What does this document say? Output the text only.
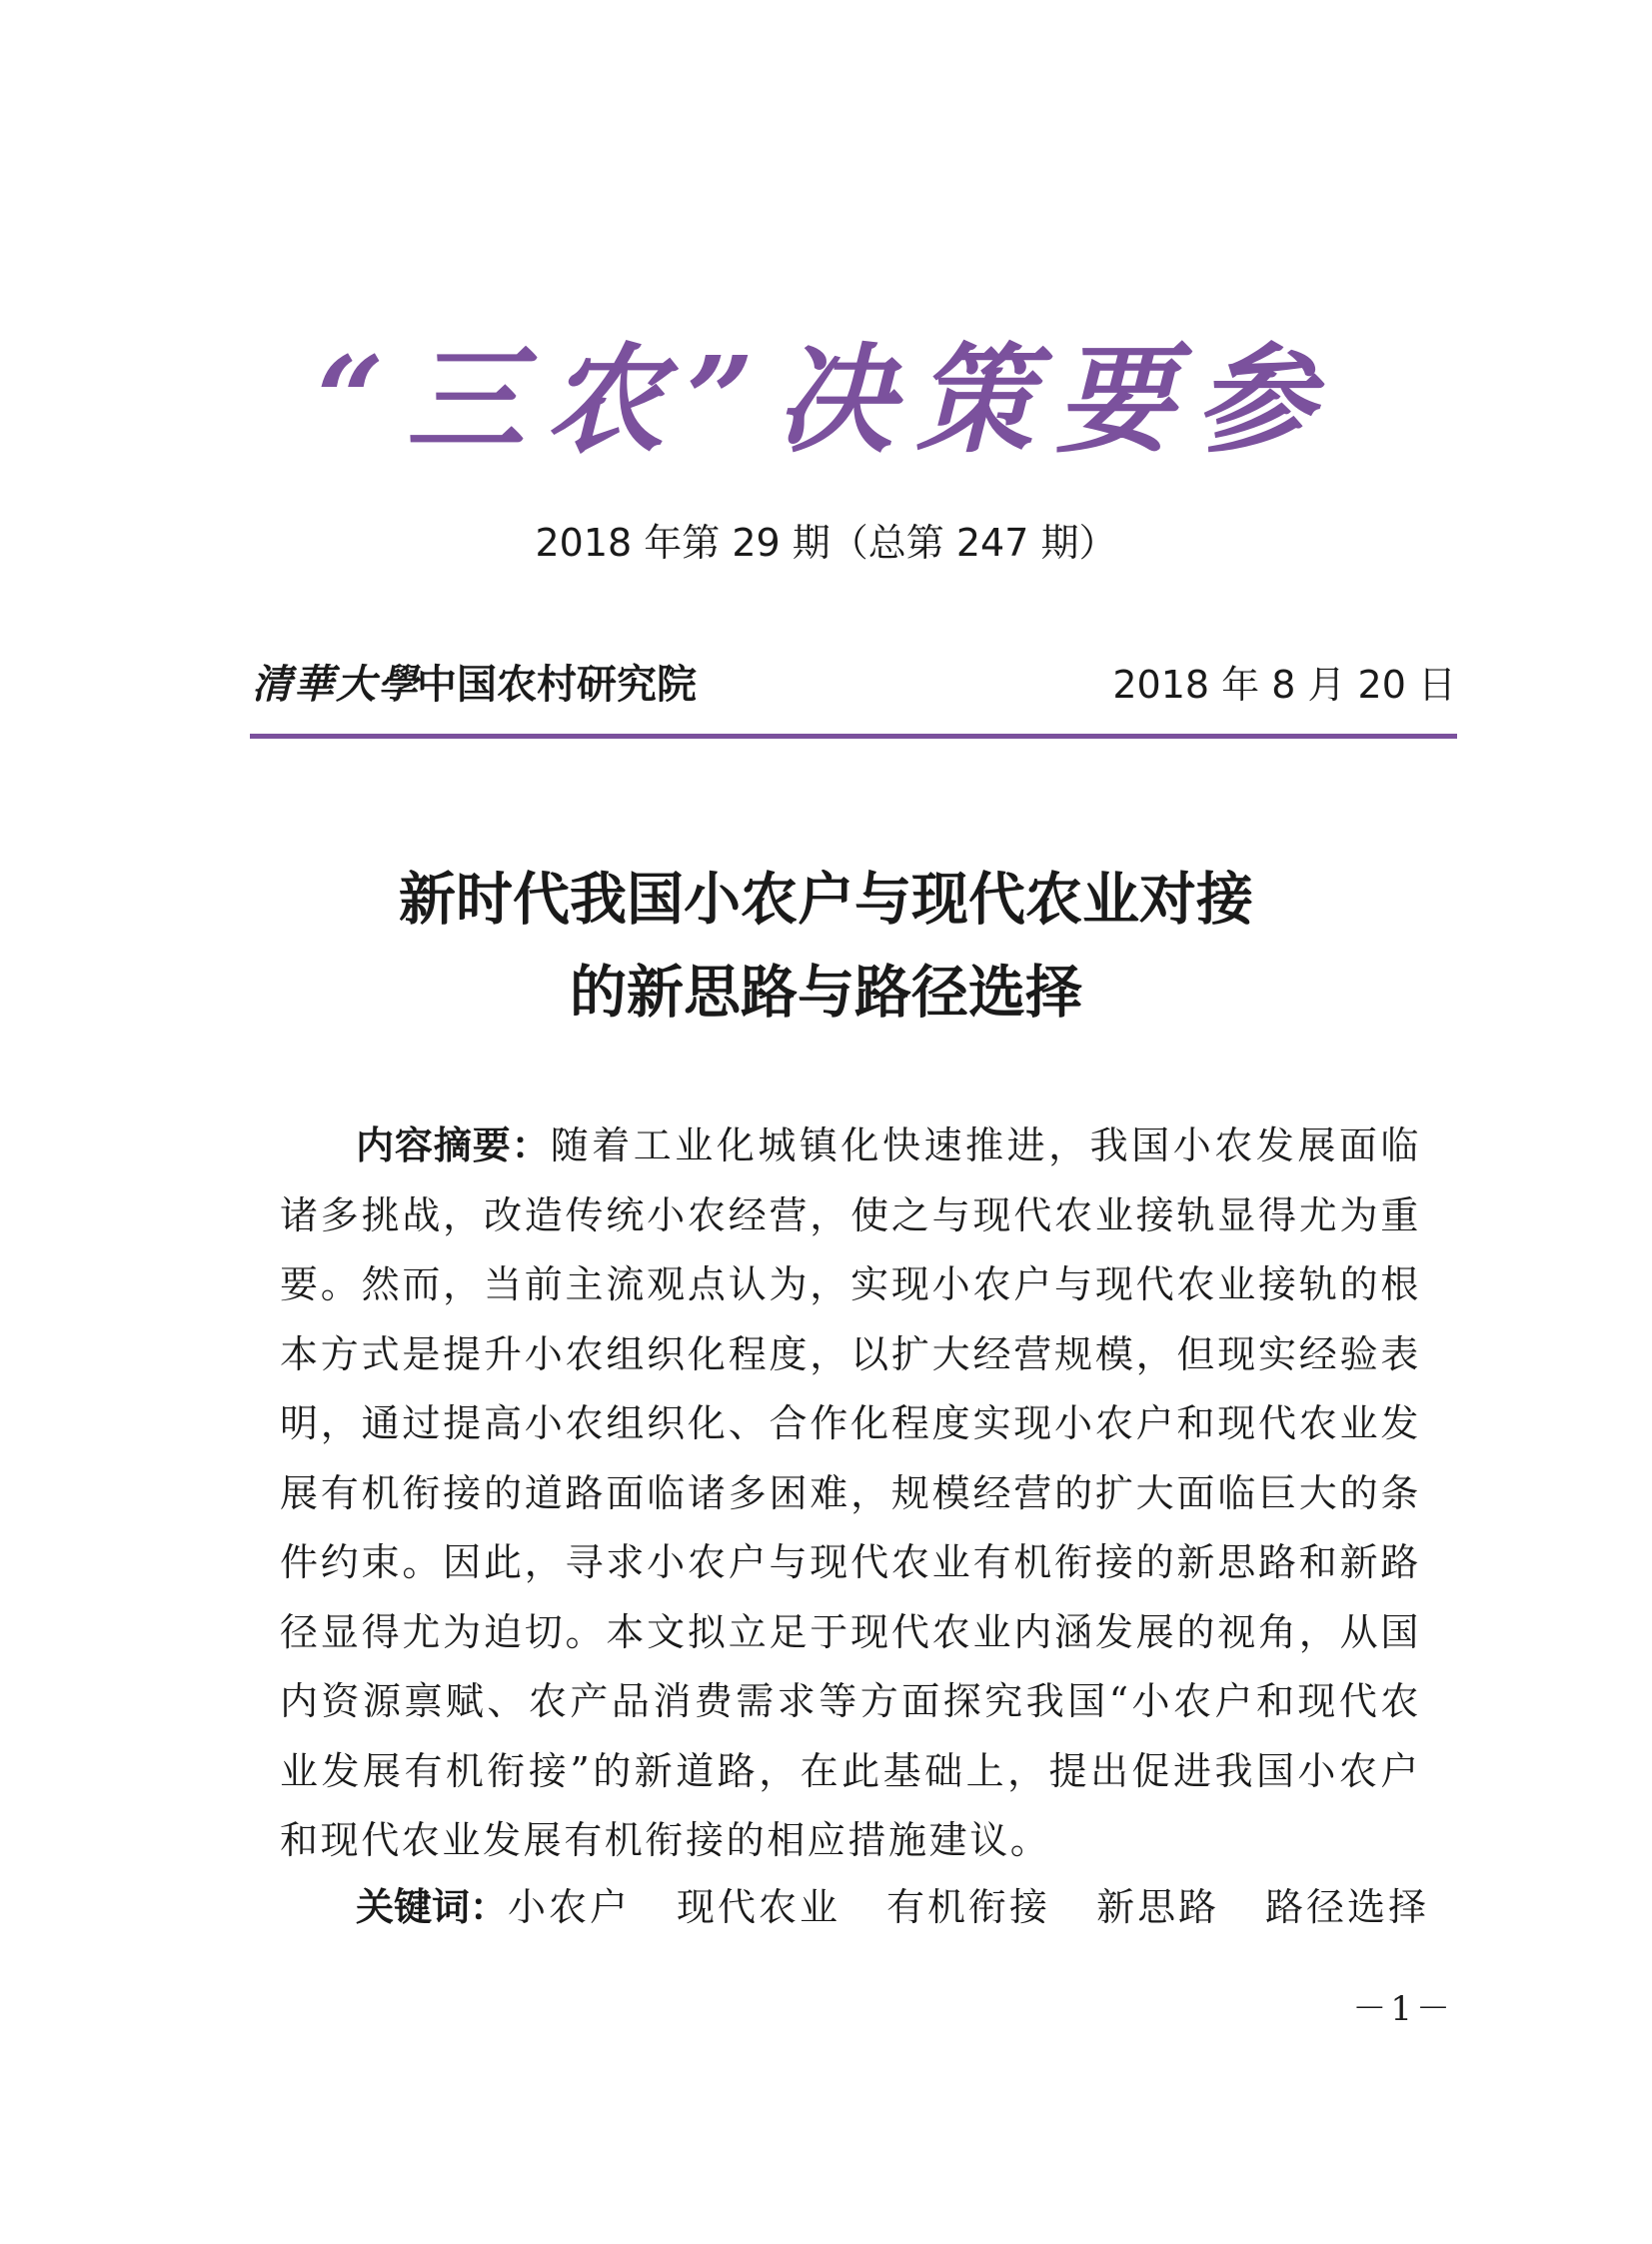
“三农”决策要参
2018 年第 29 期（总第 247 期）
清華大學
中国农村研究院	2018 年 8 月 20 日
新时代我国小农户与现代农业对接
的新思路与路径选择

内容摘要：随着工业化城镇化快速推进，我国小农发展面临诸多挑战，改造传统小农经营，使之与现代农业接轨显得尤为重要。然而，当前主流观点认为，实现小农户与现代农业接轨的根本方式是提升小农组织化程度，以扩大经营规模，但现实经验表明，通过提高小农组织化、合作化程度实现小农户和现代农业发展有机衔接的道路面临诸多困难，规模经营的扩大面临巨大的条件约束。因此，寻求小农户与现代农业有机衔接的新思路和新路径显得尤为迫切。本文拟立足于现代农业内涵发展的视角，从国内资源禀赋、农产品消费需求等方面探究我国“小农户和现代农业发展有机衔接”的新道路，在此基础上，提出促进我国小农户和现代农业发展有机衔接的相应措施建议。

关键词：小农户 现代农业 有机衔接 新思路 路径选择
－1－
